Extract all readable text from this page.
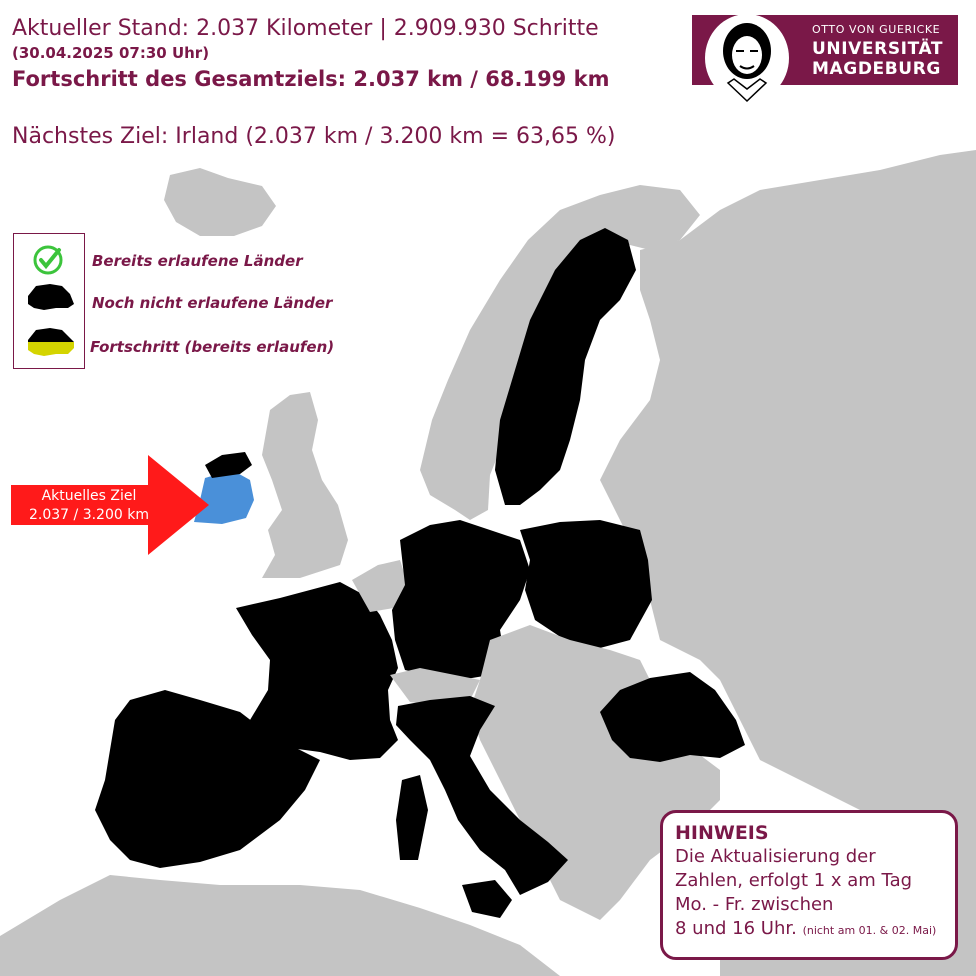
Aktueller Stand: 2.037 Kilometer | 2.909.930 Schritte
(30.04.2025 07:30 Uhr)
Fortschritt des Gesamtziels: 2.037 km / 68.199 km
Nächstes Ziel: Irland (2.037 km / 3.200 km = 63,65 %)
OTTO VON GUERICKE
UNIVERSITÄT
MAGDEBURG
Bereits erlaufene Länder
Noch nicht erlaufene Länder
Fortschritt (bereits erlaufen)
Aktuelles Ziel
2.037 / 3.200 km
HINWEIS
Die Aktualisierung der
Zahlen, erfolgt 1 x am Tag
Mo. - Fr. zwischen
8 und 16 Uhr. (nicht am 01. & 02. Mai)
